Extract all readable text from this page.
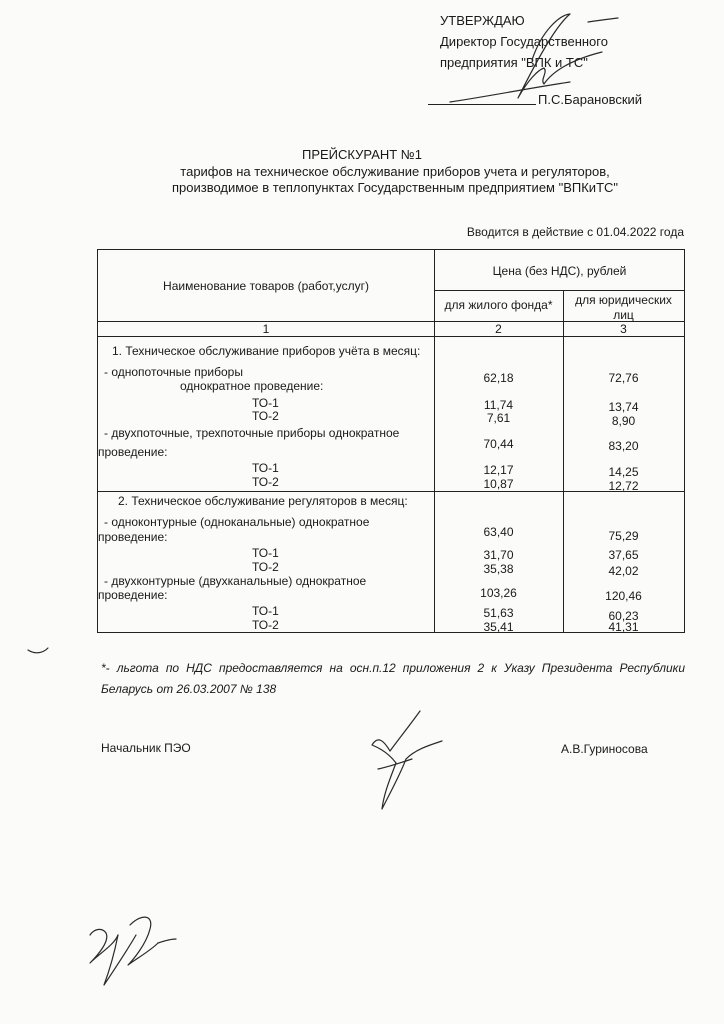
УТВЕРЖДАЮ
Директор Государственного
предприятия "ВПК и ТС"
П.С.Барановский
ПРЕЙСКУРАНТ №1
тарифов на техническое обслуживание приборов учета и регуляторов,
производимое в теплопунктах Государственным предприятием "ВПКиТС"
Вводится в действие с 01.04.2022 года
Наименование товаров (работ,услуг)
Цена (без НДС), рублей
для жилого фонда*	для юридических
лиц
1	2	3
1. Техническое обслуживание приборов учёта в месяц:
- однопоточные приборы
однократное проведение:
62,18	72,76
ТО-1	11,74	13,74
ТО-2	7,61	8,90
- двухпоточные, трехпоточные приборы однократное
проведение:
70,44	83,20
ТО-1	12,17	14,25
ТО-2	10,87	12,72
2. Техническое обслуживание регуляторов в месяц:
- одноконтурные (одноканальные) однократное
проведение:	63,40	75,29
ТО-1	31,70	37,65
ТО-2	35,38	42,02
- двухконтурные (двухканальные) однократное
проведение:	103,26	120,46
ТО-1	51,63	60,23
ТО-2	35,41	41,31
*- льгота по НДС предоставляется на осн.п.12 приложения 2 к Указу Президента Республики
Беларусь от 26.03.2007 № 138
Начальник ПЭО	А.В.Гуриносова
